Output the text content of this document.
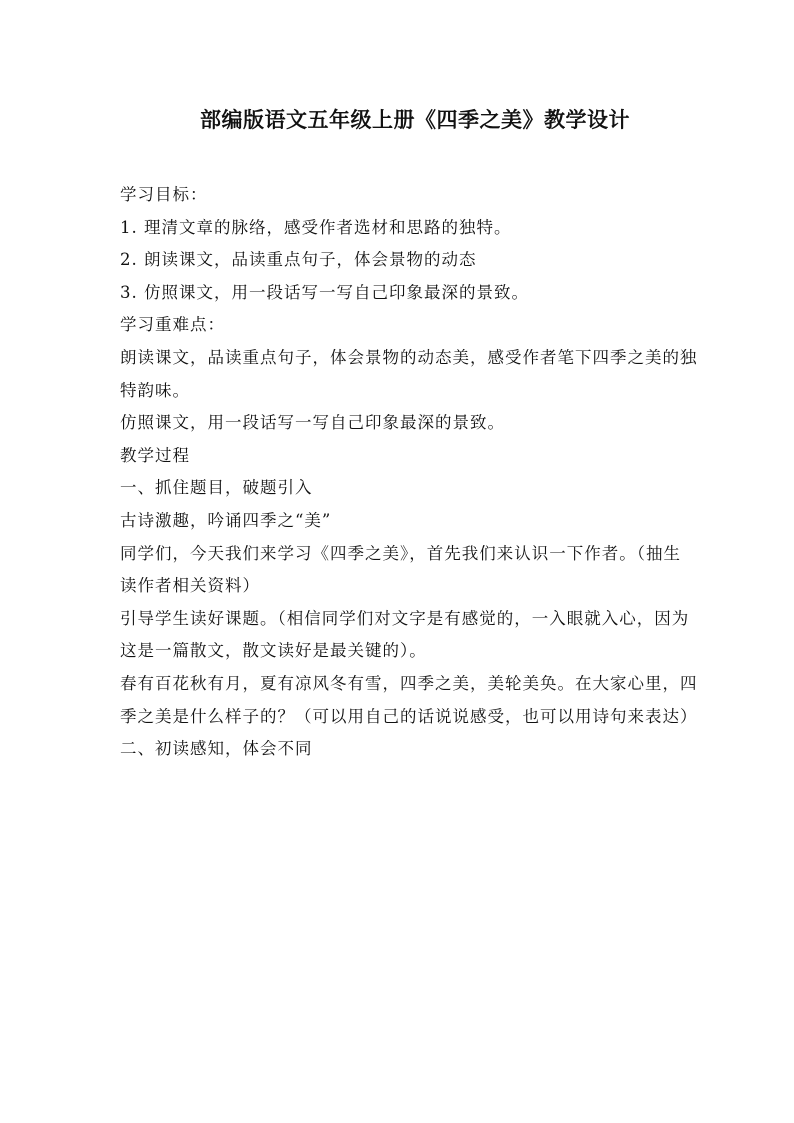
部编版语文五年级上册《四季之美》教学设计

学习目标：

1. 理清文章的脉络，感受作者选材和思路的独特。

2. 朗读课文，品读重点句子，体会景物的动态

3. 仿照课文，用一段话写一写自己印象最深的景致。

学习重难点：

朗读课文，品读重点句子，体会景物的动态美，感受作者笔下四季之美的独特韵味。

仿照课文，用一段话写一写自己印象最深的景致。

教学过程

一、抓住题目，破题引入

古诗激趣，吟诵四季之“美”

同学们，今天我们来学习《四季之美》，首先我们来认识一下作者。（抽生读作者相关资料）

引导学生读好课题。（相信同学们对文字是有感觉的，一入眼就入心，因为这是一篇散文，散文读好是最关键的）。

春有百花秋有月，夏有凉风冬有雪，四季之美，美轮美奂。在大家心里，四季之美是什么样子的？（可以用自己的话说说感受，也可以用诗句来表达）

二、初读感知，体会不同
